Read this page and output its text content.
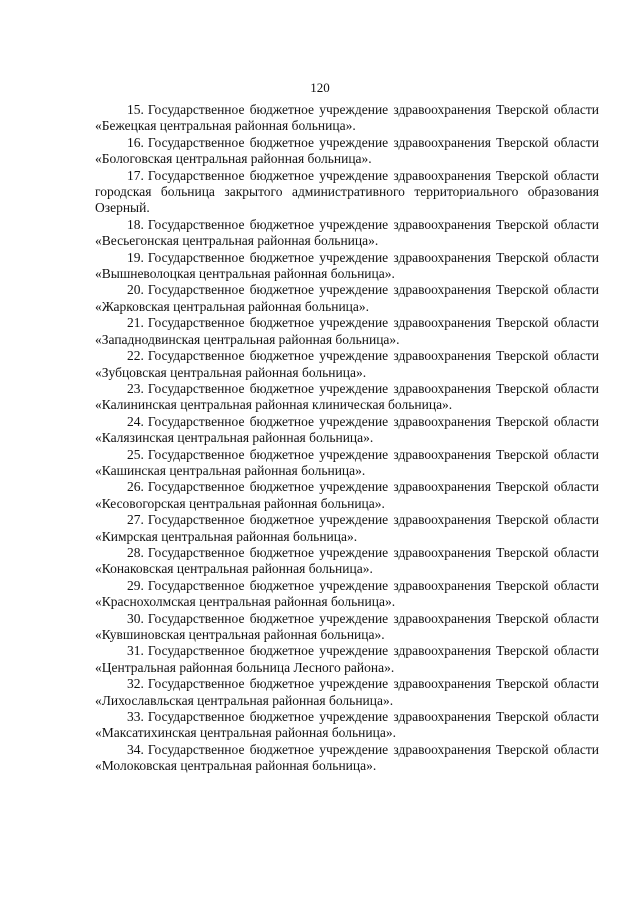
120

15. Государственное бюджетное учреждение здравоохранения Тверской области «Бежецкая центральная районная больница».

16. Государственное бюджетное учреждение здравоохранения Тверской области «Бологовская центральная районная больница».

17. Государственное бюджетное учреждение здравоохранения Тверской области городская больница закрытого административного территориального образования Озерный.

18. Государственное бюджетное учреждение здравоохранения Тверской области «Весьегонская центральная районная больница».

19. Государственное бюджетное учреждение здравоохранения Тверской области «Вышневолоцкая центральная районная больница».

20. Государственное бюджетное учреждение здравоохранения Тверской области «Жарковская центральная районная больница».

21. Государственное бюджетное учреждение здравоохранения Тверской области «Западнодвинская центральная районная больница».

22. Государственное бюджетное учреждение здравоохранения Тверской области «Зубцовская центральная районная больница».

23. Государственное бюджетное учреждение здравоохранения Тверской области «Калининская центральная районная клиническая больница».

24. Государственное бюджетное учреждение здравоохранения Тверской области «Калязинская центральная районная больница».

25. Государственное бюджетное учреждение здравоохранения Тверской области «Кашинская центральная районная больница».

26. Государственное бюджетное учреждение здравоохранения Тверской области «Кесовогорская центральная районная больница».

27. Государственное бюджетное учреждение здравоохранения Тверской области «Кимрская центральная районная больница».

28. Государственное бюджетное учреждение здравоохранения Тверской области «Конаковская центральная районная больница».

29. Государственное бюджетное учреждение здравоохранения Тверской области «Краснохолмская центральная районная больница».

30. Государственное бюджетное учреждение здравоохранения Тверской области «Кувшиновская центральная районная больница».

31. Государственное бюджетное учреждение здравоохранения Тверской области «Центральная районная больница Лесного района».

32. Государственное бюджетное учреждение здравоохранения Тверской области «Лихославльская центральная районная больница».

33. Государственное бюджетное учреждение здравоохранения Тверской области «Максатихинская центральная районная больница».

34. Государственное бюджетное учреждение здравоохранения Тверской области «Молоковская центральная районная больница».
